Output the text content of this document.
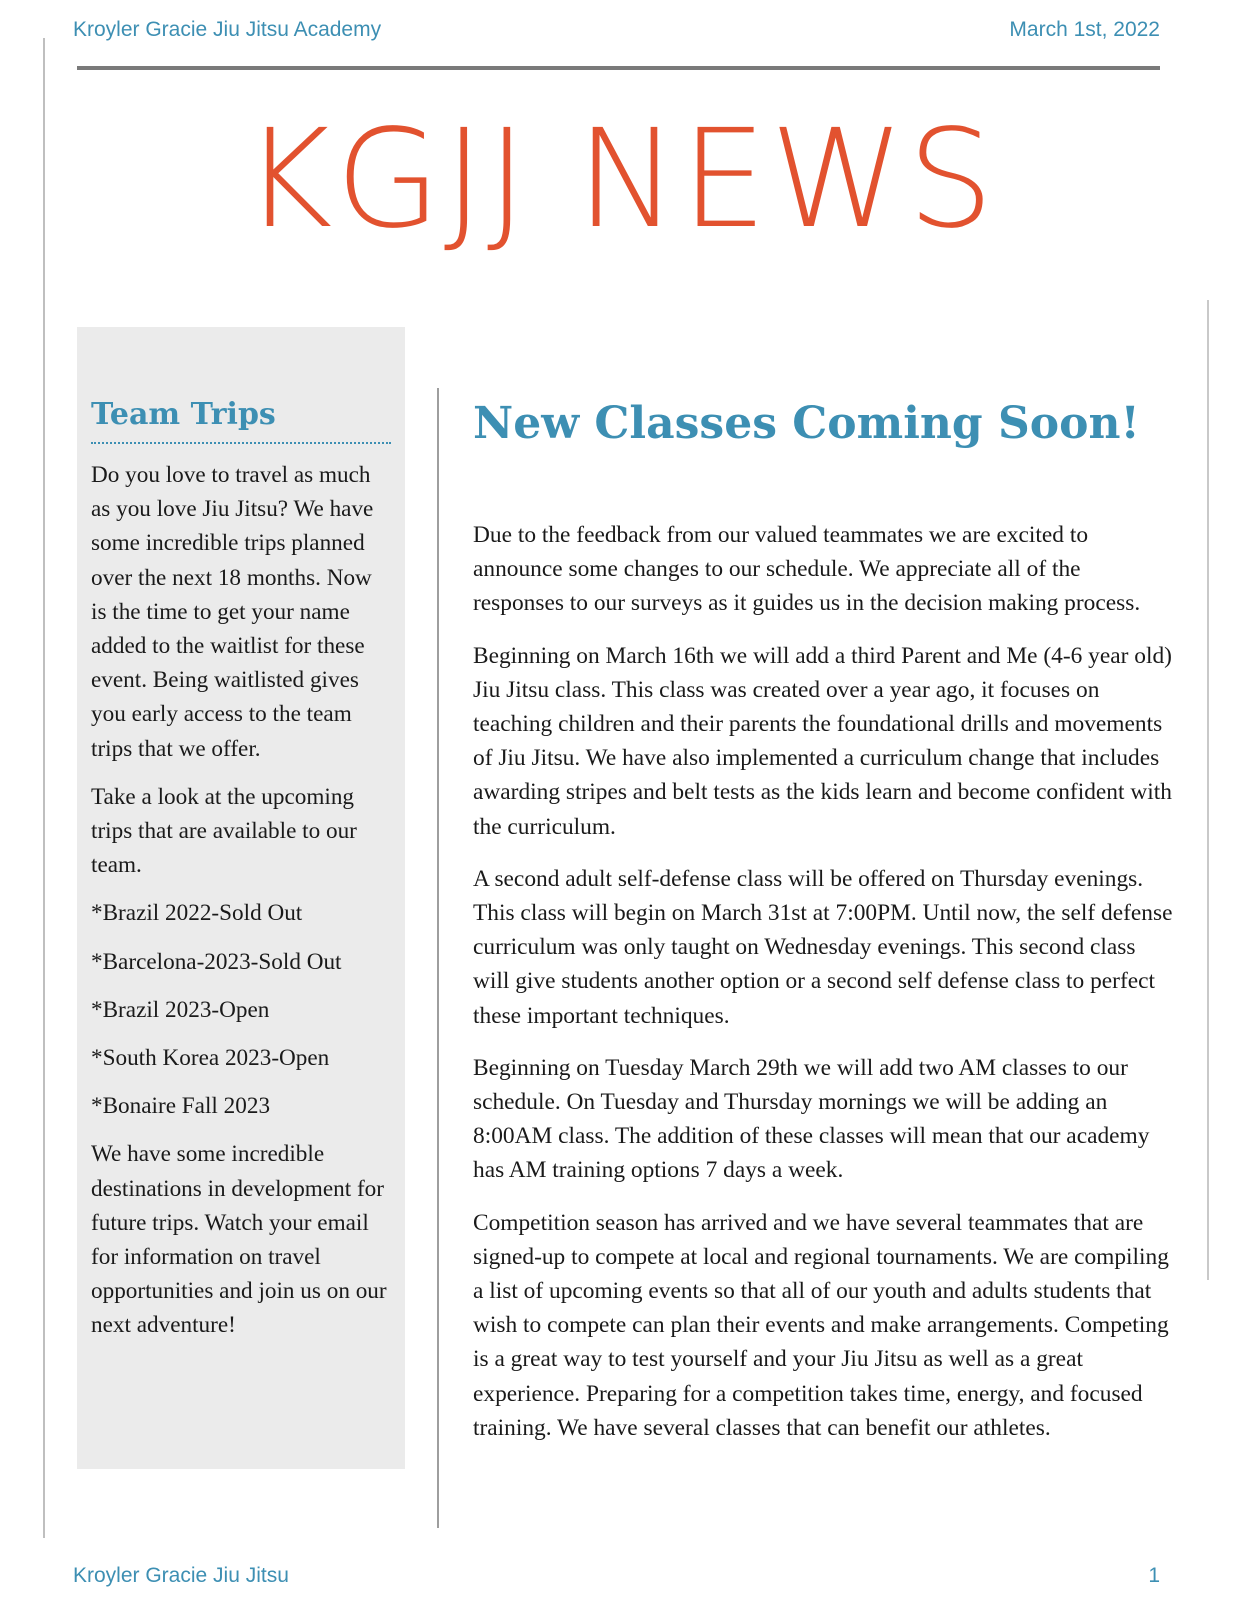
Kroyler Gracie Jiu Jitsu Academy	March 1st, 2022
KGJJ NEWS
Team Trips

Do you love to travel as much as you love Jiu Jitsu? We have some incredible trips planned over the next 18 months. Now is the time to get your name added to the waitlist for these event. Being waitlisted gives you early access to the team trips that we offer.

Take a look at the upcoming trips that are available to our team.

*Brazil 2022-Sold Out

*Barcelona-2023-Sold Out

*Brazil 2023-Open

*South Korea 2023-Open

*Bonaire Fall 2023

We have some incredible destinations in development for future trips. Watch your email for information on travel opportunities and join us on our next adventure!

New Classes Coming Soon!

Due to the feedback from our valued teammates we are excited to announce some changes to our schedule. We appreciate all of the responses to our surveys as it guides us in the decision making process.

Beginning on March 16th we will add a third Parent and Me (4-6 year old) Jiu Jitsu class. This class was created over a year ago, it focuses on teaching children and their parents the foundational drills and movements of Jiu Jitsu. We have also implemented a curriculum change that includes awarding stripes and belt tests as the kids learn and become confident with the curriculum.

A second adult self-defense class will be offered on Thursday evenings. This class will begin on March 31st at 7:00PM. Until now, the self defense curriculum was only taught on Wednesday evenings. This second class will give students another option or a second self defense class to perfect these important techniques.

Beginning on Tuesday March 29th we will add two AM classes to our schedule. On Tuesday and Thursday mornings we will be adding an 8:00AM class. The addition of these classes will mean that our academy has AM training options 7 days a week.

Competition season has arrived and we have several teammates that are signed-up to compete at local and regional tournaments. We are compiling a list of upcoming events so that all of our youth and adults students that wish to compete can plan their events and make arrangements. Competing is a great way to test yourself and your Jiu Jitsu as well as a great experience. Preparing for a competition takes time, energy, and focused training. We have several classes that can benefit our athletes.

Kroyler Gracie Jiu Jitsu	1
